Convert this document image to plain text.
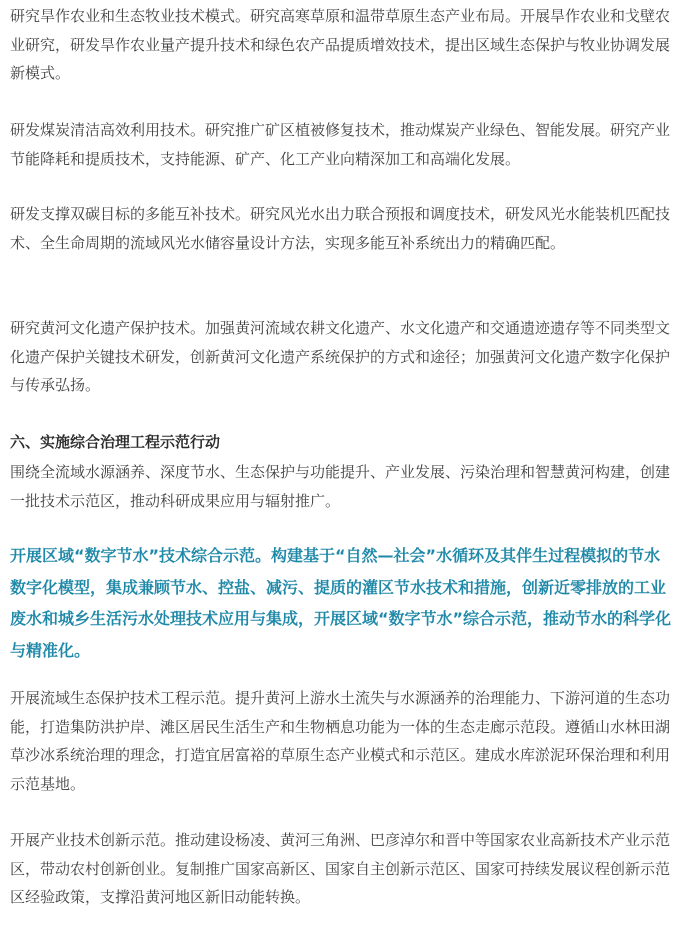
研究旱作农业和生态牧业技术模式。研究高寒草原和温带草原生态产业布局。开展旱作农业和戈壁农业研究，研发旱作农业量产提升技术和绿色农产品提质增效技术，提出区域生态保护与牧业协调发展新模式。

研发煤炭清洁高效利用技术。研究推广矿区植被修复技术，推动煤炭产业绿色、智能发展。研究产业节能降耗和提质技术，支持能源、矿产、化工产业向精深加工和高端化发展。

研发支撑双碳目标的多能互补技术。研究风光水出力联合预报和调度技术，研发风光水能装机匹配技术、全生命周期的流域风光水储容量设计方法，实现多能互补系统出力的精确匹配。

研究黄河文化遗产保护技术。加强黄河流域农耕文化遗产、水文化遗产和交通遗迹遗存等不同类型文化遗产保护关键技术研发，创新黄河文化遗产系统保护的方式和途径；加强黄河文化遗产数字化保护与传承弘扬。

六、实施综合治理工程示范行动

围绕全流域水源涵养、深度节水、生态保护与功能提升、产业发展、污染治理和智慧黄河构建，创建一批技术示范区，推动科研成果应用与辐射推广。

开展区域“数字节水”技术综合示范。构建基于“自然—社会”水循环及其伴生过程模拟的节水数字化模型，集成兼顾节水、控盐、减污、提质的灌区节水技术和措施，创新近零排放的工业废水和城乡生活污水处理技术应用与集成，开展区域“数字节水”综合示范，推动节水的科学化与精准化。

开展流域生态保护技术工程示范。提升黄河上游水土流失与水源涵养的治理能力、下游河道的生态功能，打造集防洪护岸、滩区居民生活生产和生物栖息功能为一体的生态走廊示范段。遵循山水林田湖草沙冰系统治理的理念，打造宜居富裕的草原生态产业模式和示范区。建成水库淤泥环保治理和利用示范基地。

开展产业技术创新示范。推动建设杨凌、黄河三角洲、巴彦淖尔和晋中等国家农业高新技术产业示范区，带动农村创新创业。复制推广国家高新区、国家自主创新示范区、国家可持续发展议程创新示范区经验政策，支撑沿黄河地区新旧动能转换。
